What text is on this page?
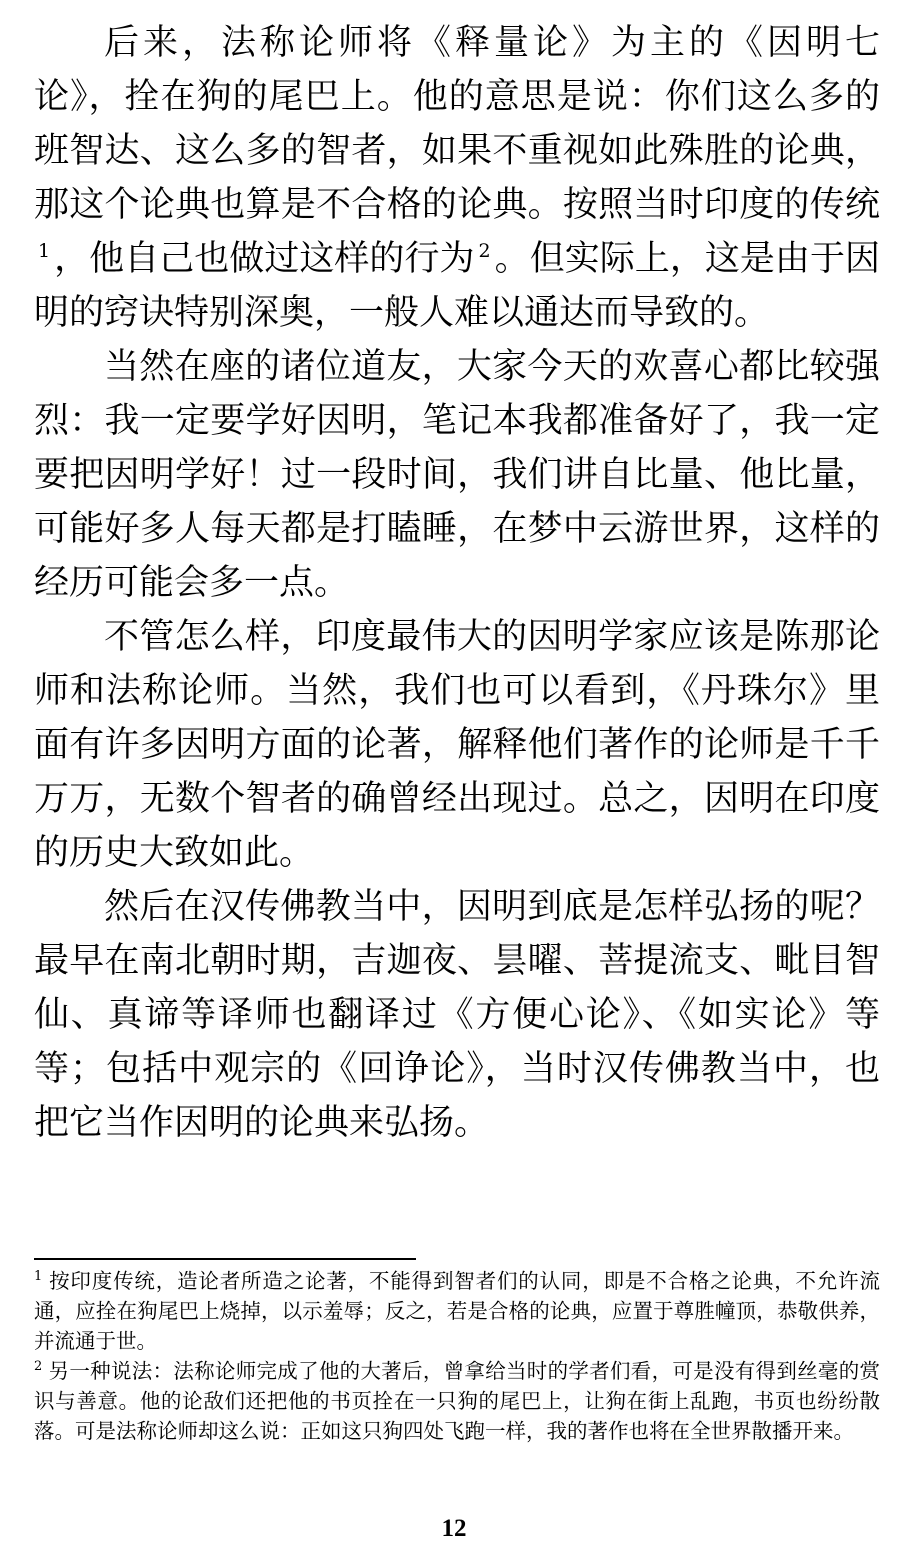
后来，法称论师将《释量论》为主的《因明七论》，拴在狗的尾巴上。他的意思是说：你们这么多的班智达、这么多的智者，如果不重视如此殊胜的论典，那这个论典也算是不合格的论典。按照当时印度的传统$^1$ ，他自己也做过这样的行为 $^2$ 。但实际上，这是由于因明的窍诀特别深奥，一般人难以通达而导致的。

当然在座的诸位道友，大家今天的欢喜心都比较强烈：我一定要学好因明，笔记本我都准备好了，我一定要把因明学好！过一段时间，我们讲自比量、他比量，可能好多人每天都是打瞌睡，在梦中云游世界，这样的经历可能会多一点。

不管怎么样，印度最伟大的因明学家应该是陈那论师和法称论师。当然，我们也可以看到，《丹珠尔》里面有许多因明方面的论著，解释他们著作的论师是千千万万，无数个智者的确曾经出现过。总之，因明在印度的历史大致如此。

然后在汉传佛教当中，因明到底是怎样弘扬的呢？最早在南北朝时期，吉迦夜、昙曜、菩提流支、毗目智仙、真谛等译师也翻译过《方便心论》、《如实论》等等；包括中观宗的《回诤论》，当时汉传佛教当中，也把它当作因明的论典来弘扬。

$^1$ 按印度传统，造论者所造之论著，不能得到智者们的认同，即是不合格之论典，不允许流通，应拴在狗尾巴上烧掉，以示羞辱；反之，若是合格的论典，应置于尊胜幢顶，恭敬供养，并流通于世。

$^2$ 另一种说法：法称论师完成了他的大著后，曾拿给当时的学者们看，可是没有得到丝毫的赏识与善意。他的论敌们还把他的书页拴在一只狗的尾巴上，让狗在街上乱跑，书页也纷纷散落。可是法称论师却这么说：正如这只狗四处飞跑一样，我的著作也将在全世界散播开来。

12
